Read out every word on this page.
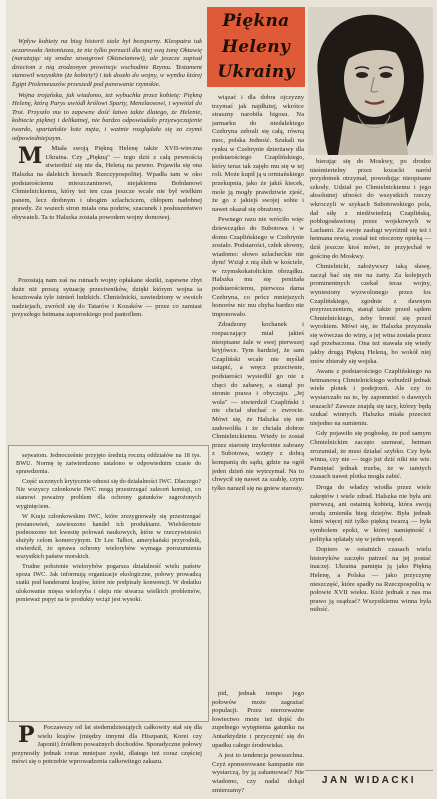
Piękna
Heleny
Ukrainy

Wpływ kobiety na bieg historii stale był bezsporny. Kleopatra tak oczarowała Antoniusza, że nie tylko porzucił dla niej swą żonę Oktawię (narażając się srodze szwagrowi Oktawianowi), ale jeszcze zapisał dzieciom z nią zrodzonym prowincje wschodnie Rzymu. Testament stanowił wszystkim (że kobiety!) i tak doszło do wojny, w wyniku której Egipt Ptolemeuszów przeszedł pod panowanie rzymskie.

Wojna trojańska, jak wiadomo, też wybuchła przez kobietę: Piękną Helenę, którą Parys uwiódł królowi Sparty, Menelaosowi, i wywiózł do Troi. Przyszło mu to zapewne dość łatwo także dlatego, że Helenie, kobiecie pięknej i delikatnej, nie bardzo odpowiadało przyzwyczajenie twardo, spartańskie łoże męża, i ważnie rozglądała się za czymś odpowiedniejszym.

M Miała swoją Piękną Helenę także XVII-wieczna Ukraina. Czy „Piękną" — tego dziś z całą pewnością stwierdzić się nie da, Heleną na pewno. Pojawiła się ona Halszka na dalekich kresach Rzeczypospolitej. Wpadła tam w oko podstarościemu mieszczaninowi, niejakiemu Bohdanowi Chmielnickiemu, który też ten czas jeszcze wcale nie był wielkim panem, lecz drobnym i ubogim szlachcicem, chłopem nadobnej prawdy. Ze wszech stron miała ona podziw, szacunek i posłuszeństwo obywateli. Ta to Halszka została powodem wojny domowej.

Pozostają nam zaś na ruinach wojny opłakane skutki, zapewne zbyt duże niż proszą sytuację przeciwników, dzięki którym wojna ta kosztowała tyle istnień ludzkich. Chmielnicki, zawiedziony w swoich nadziejach, zwrócił się do Tatarów i Kozaków — przez co zamiast przyszłego hetmana zaporoskiego pod pantoflem.

wiązać i dla dobra ojczyzny trzymać jak najdłużej, wkrótce straszny narobiła bigosu. Na jarmarku do niedalekiego Czehryna zebrali się całą, równą moc, polska Jedność. Szukali na rynku w Czehrynie dzierżawy dla podstarościego Czaplińskiego, który teraz tak zajęło mu się w tej roli. Może kupił ją u ormiańskiego przekupnia, jako że jakiś kiecek, mole ją mogły prawdziwie zjeść, że go z jakiejś swojej sobie i nawet okazał się obrażony.

Pewnego razu nie wróciło więc dziewczątko do Subotowa i w domu Czaplińskiego w Czehrynie zostało. Podstarości, człek słowny, wiadomo: słowo szlacheckie nie dym! Wziął z nią ślub w kościele, w rzymskokatolickim obrządku. Halszka mu się poniżała podstarościemu, pierwsza dama Czehryna, co prócz mniejszych honorów nic mu chyba bardzo nie imponowało.

Zdradzony kochanek i rozpaczający miał jakieś nieopisane żale w swej pierwszej kryjówce. Tym bardziej, że sam Czapliński wcale nie myślał ustąpić, a wręcz przeciwnie, podstarości wysiedlił go nie z chęci do zabawy, a stanął po stronie prawa i obyczaju. „Jej wola" — stwierdził Czapliński i nie chciał słuchać o zwrocie. Mówi się, że Halszka się nie zadowoliła i że chciała dobrze Chmielnickiemu. Wtedy to został przez starostę trzykrotnie zabrany z Subotowa, wzięty z dobrą kompanią do sądu, gdzie na ogół jeden dzień nie wytrzymał. Na to chwycił się nawet za szablę, czym tylko naraził się na gniew starosty.

bierając się do Moskwy, po drodze nieśmiertelny przez kozacki naród przydomek otrzymał, powodując nieopisane szkody. Udział po Chmielnickiemu i jego absolutnej ufności do wszystkich rzeczy wkroczyli w szykach Subotowskiego pola, dał siłę z niedźwiedzią Czaplińską, pobłogosławioną przez wojskowych w Lachami. Za swoje zasługi wyróżnił się też i hetmana rewią, został też otoczony opieką — dziś jeszcze ktoś mówi, że przyjechał w gościnę do Moskwy.

Chmielnicki, założywszy taką sławę, zaczął bać się nie na żarty. Za kolejnych prominentnych czekał teraz wojny, wyniesiony wyzwolonego przez los Czaplińskiego, zgodnie z dawnym przyrzeczeniem, stanął także przed sądem Chmielnickiego, żeby bronić się przed wyrokiem. Mówi się, że Halszka przyznała się wówczas do winy, a jej wina została przez sąd przebaczona. Ona też stawała się wtedy jakby drugą Piękną Heleną, bo wokół niej znów zbierały się wojska.

Awans z podstarościego Czaplińskiego na hetmanową Chmielnickiego wzbudził jednak wiele plotek i podejrzeń. Ale czy to wystarczało na to, by zapomnieć o dawnych urazach? Zawsze znajdą się tacy, którzy będą szukać winnych. Halszka miała przecież niejedno na sumieniu.

Gdy pojawiło się pogłoskę, że pod samym Chmielnickim zaczęto szemrać, hetman zrozumiał, że musi działać szybko. Czy była winna, czy nie — tego już dziś nikt nie wie. Pamiętać jednak trzeba, że w tamtych czasach nawet plotka mogła zabić.

Droga do władzy wiodła przez wiele zakrętów i wiele zdrad. Halszka nie była ani pierwszą, ani ostatnią kobietą, która swoją urodą zmieniła bieg dziejów. Była jednak kimś więcej niż tylko piękną twarzą — była symbolem epoki, w której namiętność i polityka splatały się w jeden węzeł.

Dopiero w ostatnich czasach wielu historyków zaczęło patrzeć na jej postać inaczej. Ukraina pamięta ją jako Piękną Helenę, a Polska — jako przyczynę nieszczęść, które spadły na Rzeczpospolitą w połowie XVII wieku. Któż jednak z nas ma prawo ją osądzać? Wszystkiemu winna była miłość.

sejwatom. Jednocześnie przyjęto średnią roczną oddziałów na 18 tys. BWU. Normę tę zatwierdzono ustalono w odpowiednim czasie do sprawdzenia.

Część uczonych krytycznie odnosi się do działalności IWC. Dlaczego? Nie wszyscy członkowie IWC mogą przestrzegać zaleceń komisji, co stanowi poważny problem dla ochrony gatunków zagrożonych wyginięciem.

W Kraju członkowskim IWC, które zrezygnowały się przestrzegać postanowień, zawieszono handel ich produktami. Wielokrotnie podnoszono też kwestię polowań naukowych, które w rzeczywistości służyły celom komercyjnym. Dr Lee Talbot, amerykański przyrodnik, stwierdził, że sprawa ochrony wielorybów wymaga porozumienia wszystkich państw morskich.

Trudne położenie wielorybów pogarsza działalność wielu państw spoza IWC. Jak informują organizacje ekologiczne, połowy prowadzą statki pod banderami krajów, które nie podpisały konwencji. W dodatku ulokowanie mięsa wieloryba i oleju nie stwarza wielkich problemów, ponieważ popyt na te produkty wciąż jest wysoki.

pid, jednak tempo jego połowów może zagrażać populacji. Przez nierozważne łowiectwo może też dojść do zupełnego wytępienia gatunku na Antarktydzie i przyczynić się do upadku całego środowiska.

A jest to tendencja powszechna. Czyż sponsorowane kampanie nie wystarczą, by ją zahamować? Nie wiadomo, czy nadal dokąd zmierzamy?

P Poczawszy od lat siedemdziesiątych całkowity stał się dla wielu krajów (między innymi dla Hiszpanii, Korei czy Japonii) źródłem poważnych dochodów. Sporadyczne połowy przynosiły jednak coraz mniejsze zyski, dlatego też coraz częściej mówi się o potrzebie wprowadzenia całkowitego zakazu.

JAN WIDACKI
